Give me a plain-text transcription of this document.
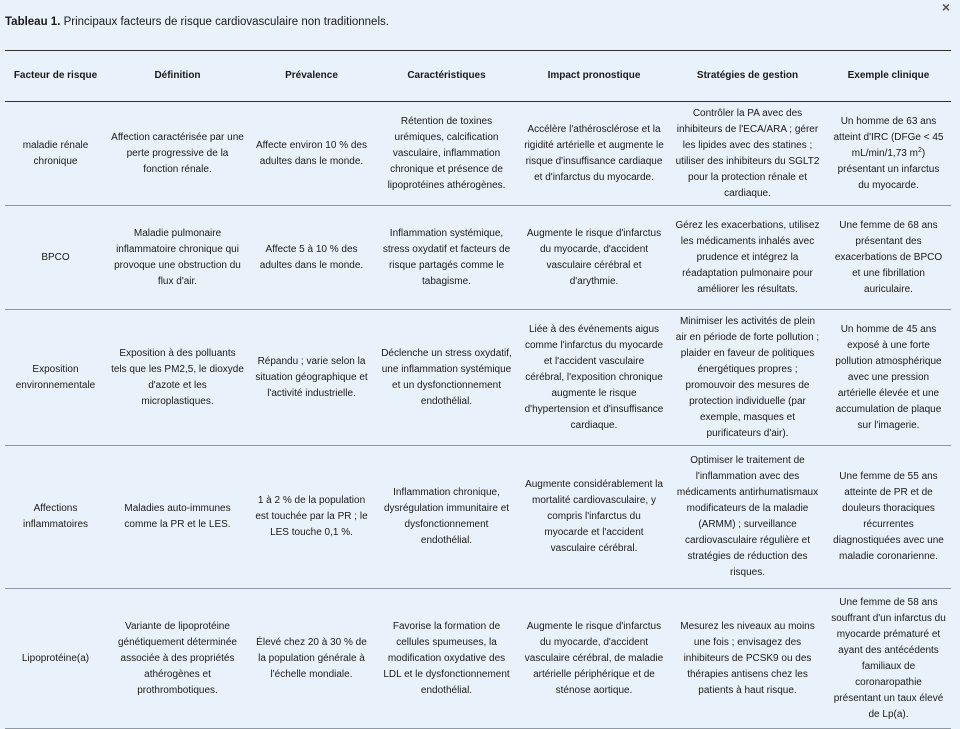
×
Tableau 1. Principaux facteurs de risque cardiovasculaire non traditionnels.
Facteur de risque	Définition	Prévalence	Caractéristiques	Impact pronostique	Stratégies de gestion	Exemple clinique
maladie rénale chronique	Affection caractérisée par une perte progressive de la fonction rénale.	Affecte environ 10 % des adultes dans le monde.	Rétention de toxines urémiques, calcification vasculaire, inflammation chronique et présence de lipoprotéines athérogènes.	Accélère l'athérosclérose et la rigidité artérielle et augmente le risque d'insuffisance cardiaque et d'infarctus du myocarde.	Contrôler la PA avec des inhibiteurs de l'ECA/ARA ; gérer les lipides avec des statines ; utiliser des inhibiteurs du SGLT2 pour la protection rénale et cardiaque.	Un homme de 63 ans atteint d'IRC (DFGe < 45 mL/min/1,73 $m^2$) présentant un infarctus du myocarde.
BPCO	Maladie pulmonaire inflammatoire chronique qui provoque une obstruction du flux d'air.	Affecte 5 à 10 % des adultes dans le monde.	Inflammation systémique, stress oxydatif et facteurs de risque partagés comme le tabagisme.	Augmente le risque d'infarctus du myocarde, d'accident vasculaire cérébral et d'arythmie.	Gérez les exacerbations, utilisez les médicaments inhalés avec prudence et intégrez la réadaptation pulmonaire pour améliorer les résultats.	Une femme de 68 ans présentant des exacerbations de BPCO et une fibrillation auriculaire.
Exposition environnementale	Exposition à des polluants tels que les PM2,5, le dioxyde d'azote et les microplastiques.	Répandu ; varie selon la situation géographique et l'activité industrielle.	Déclenche un stress oxydatif, une inflammation systémique et un dysfonctionnement endothélial.	Liée à des événements aigus comme l'infarctus du myocarde et l'accident vasculaire cérébral, l'exposition chronique augmente le risque d'hypertension et d'insuffisance cardiaque.	Minimiser les activités de plein air en période de forte pollution ; plaider en faveur de politiques énergétiques propres ; promouvoir des mesures de protection individuelle (par exemple, masques et purificateurs d'air).	Un homme de 45 ans exposé à une forte pollution atmosphérique avec une pression artérielle élevée et une accumulation de plaque sur l'imagerie.
Affections inflammatoires	Maladies auto-immunes comme la PR et le LES.	1 à 2 % de la population est touchée par la PR ; le LES touche 0,1 %.	Inflammation chronique, dysrégulation immunitaire et dysfonctionnement endothélial.	Augmente considérablement la mortalité cardiovasculaire, y compris l'infarctus du myocarde et l'accident vasculaire cérébral.	Optimiser le traitement de l'inflammation avec des médicaments antirhumatismaux modificateurs de la maladie (ARMM) ; surveillance cardiovasculaire régulière et stratégies de réduction des risques.	Une femme de 55 ans atteinte de PR et de douleurs thoraciques récurrentes diagnostiquées avec une maladie coronarienne.
Lipoprotéine(a)	Variante de lipoprotéine génétiquement déterminée associée à des propriétés athérogènes et prothrombotiques.	Élevé chez 20 à 30 % de la population générale à l'échelle mondiale.	Favorise la formation de cellules spumeuses, la modification oxydative des LDL et le dysfonctionnement endothélial.	Augmente le risque d'infarctus du myocarde, d'accident vasculaire cérébral, de maladie artérielle périphérique et de sténose aortique.	Mesurez les niveaux au moins une fois ; envisagez des inhibiteurs de PCSK9 ou des thérapies antisens chez les patients à haut risque.	Une femme de 58 ans souffrant d'un infarctus du myocarde prématuré et ayant des antécédents familiaux de coronaropathie présentant un taux élevé de Lp(a).
